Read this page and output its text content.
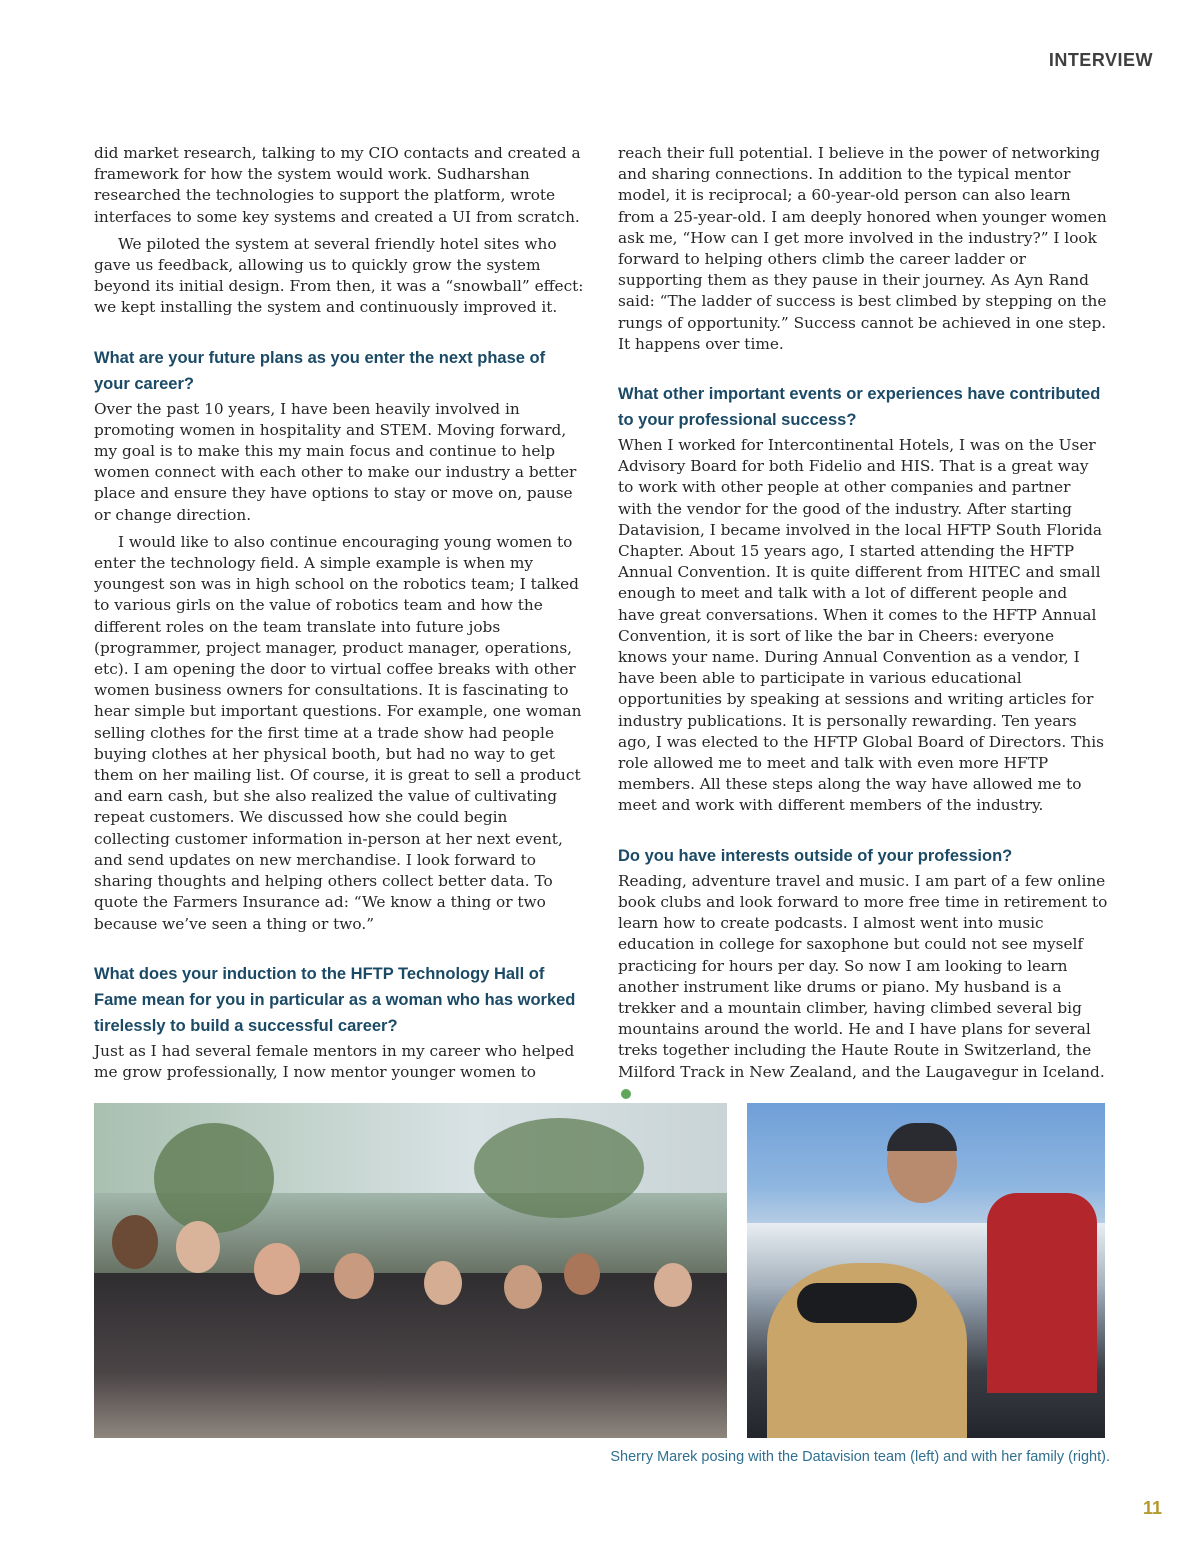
INTERVIEW

did market research, talking to my CIO contacts and created a framework for how the system would work. Sudharshan researched the technologies to support the platform, wrote interfaces to some key systems and created a UI from scratch.

We piloted the system at several friendly hotel sites who gave us feedback, allowing us to quickly grow the system beyond its initial design. From then, it was a “snowball” effect: we kept installing the system and continuously improved it.

What are your future plans as you enter the next phase of your career?

Over the past 10 years, I have been heavily involved in promoting women in hospitality and STEM. Moving forward, my goal is to make this my main focus and continue to help women connect with each other to make our industry a better place and ensure they have options to stay or move on, pause or change direction.

I would like to also continue encouraging young women to enter the technology field. A simple example is when my youngest son was in high school on the robotics team; I talked to various girls on the value of robotics team and how the different roles on the team translate into future jobs (programmer, project manager, product manager, operations, etc). I am opening the door to virtual coffee breaks with other women business owners for consultations. It is fascinating to hear simple but important questions. For example, one woman selling clothes for the first time at a trade show had people buying clothes at her physical booth, but had no way to get them on her mailing list. Of course, it is great to sell a product and earn cash, but she also realized the value of cultivating repeat customers. We discussed how she could begin collecting customer information in-person at her next event, and send updates on new merchandise. I look forward to sharing thoughts and helping others collect better data. To quote the Farmers Insurance ad: “We know a thing or two because we’ve seen a thing or two.”

What does your induction to the HFTP Technology Hall of Fame mean for you in particular as a woman who has worked tirelessly to build a successful career?

Just as I had several female mentors in my career who helped me grow professionally, I now mentor younger women to

reach their full potential. I believe in the power of networking and sharing connections. In addition to the typical mentor model, it is reciprocal; a 60-year-old person can also learn from a 25-year-old. I am deeply honored when younger women ask me, “How can I get more involved in the industry?” I look forward to helping others climb the career ladder or supporting them as they pause in their journey. As Ayn Rand said: “The ladder of success is best climbed by stepping on the rungs of opportunity.” Success cannot be achieved in one step. It happens over time.

What other important events or experiences have contributed to your professional success?

When I worked for Intercontinental Hotels, I was on the User Advisory Board for both Fidelio and HIS. That is a great way to work with other people at other companies and partner with the vendor for the good of the industry. After starting Datavision, I became involved in the local HFTP South Florida Chapter. About 15 years ago, I started attending the HFTP Annual Convention. It is quite different from HITEC and small enough to meet and talk with a lot of different people and have great conversations. When it comes to the HFTP Annual Convention, it is sort of like the bar in Cheers: everyone knows your name. During Annual Convention as a vendor, I have been able to participate in various educational opportunities by speaking at sessions and writing articles for industry publications. It is personally rewarding. Ten years ago, I was elected to the HFTP Global Board of Directors. This role allowed me to meet and talk with even more HFTP members. All these steps along the way have allowed me to meet and work with different members of the industry.

Do you have interests outside of your profession?

Reading, adventure travel and music. I am part of a few online book clubs and look forward to more free time in retirement to learn how to create podcasts. I almost went into music education in college for saxophone but could not see myself practicing for hours per day. So now I am looking to learn another instrument like drums or piano. My husband is a trekker and a mountain climber, having climbed several big mountains around the world. He and I have plans for several treks together including the Haute Route in Switzerland, the Milford Track in New Zealand, and the Laugavegur in Iceland.

Sherry Marek posing with the Datavision team (left) and with her family (right).
11
